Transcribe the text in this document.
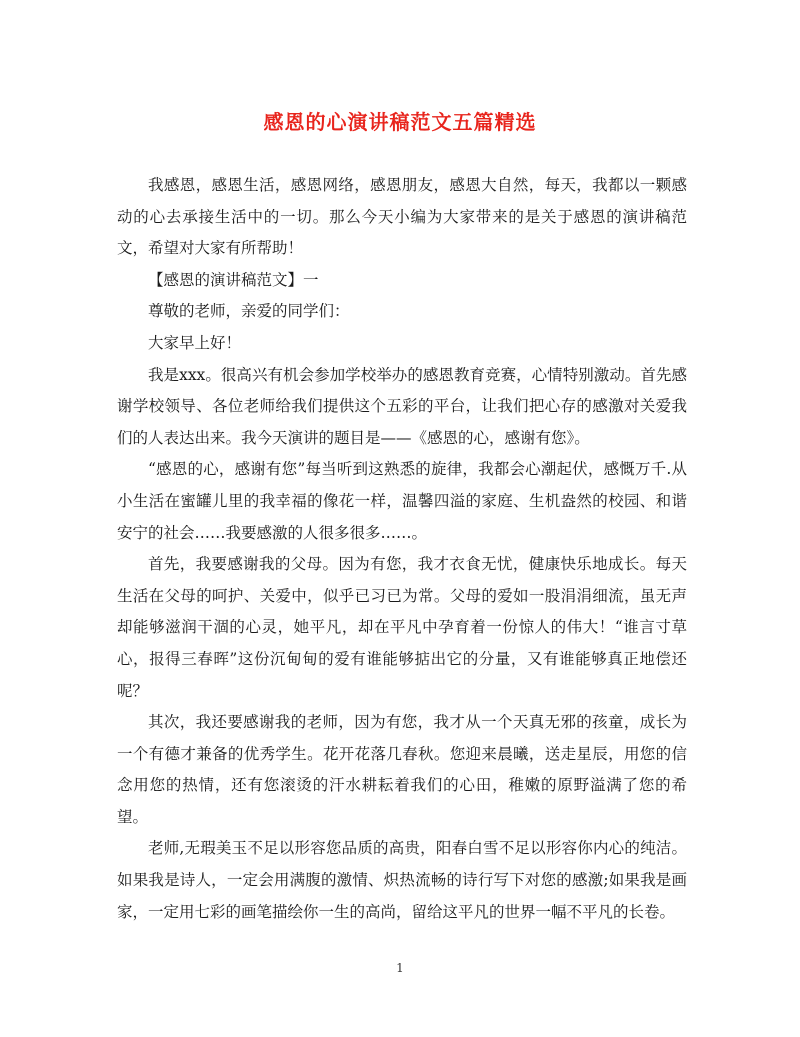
感恩的心演讲稿范文五篇精选

我感恩，感恩生活，感恩网络，感恩朋友，感恩大自然，每天，我都以一颗感动的心去承接生活中的一切。那么今天小编为大家带来的是关于感恩的演讲稿范文，希望对大家有所帮助！

【感恩的演讲稿范文】一

尊敬的老师，亲爱的同学们：

大家早上好！

我是xxx。很高兴有机会参加学校举办的感恩教育竞赛，心情特别激动。首先感谢学校领导、各位老师给我们提供这个五彩的平台，让我们把心存的感激对关爱我们的人表达出来。我今天演讲的题目是——《感恩的心，感谢有您》。

“感恩的心，感谢有您”每当听到这熟悉的旋律，我都会心潮起伏，感慨万千.从小生活在蜜罐儿里的我幸福的像花一样，温馨四溢的家庭、生机盎然的校园、和谐安宁的社会……我要感激的人很多很多……。

首先，我要感谢我的父母。因为有您，我才衣食无忧，健康快乐地成长。每天生活在父母的呵护、关爱中，似乎已习已为常。父母的爱如一股涓涓细流，虽无声却能够滋润干涸的心灵，她平凡，却在平凡中孕育着一份惊人的伟大！“谁言寸草心，报得三春晖”这份沉甸甸的爱有谁能够掂出它的分量，又有谁能够真正地偿还呢？

其次，我还要感谢我的老师，因为有您，我才从一个天真无邪的孩童，成长为一个有德才兼备的优秀学生。花开花落几春秋。您迎来晨曦，送走星辰，用您的信念用您的热情，还有您滚烫的汗水耕耘着我们的心田，稚嫩的原野溢满了您的希望。

老师,无瑕美玉不足以形容您品质的高贵，阳春白雪不足以形容你内心的纯洁。如果我是诗人，一定会用满腹的激情、炽热流畅的诗行写下对您的感激;如果我是画家，一定用七彩的画笔描绘你一生的高尚，留给这平凡的世界一幅不平凡的长卷。

1
